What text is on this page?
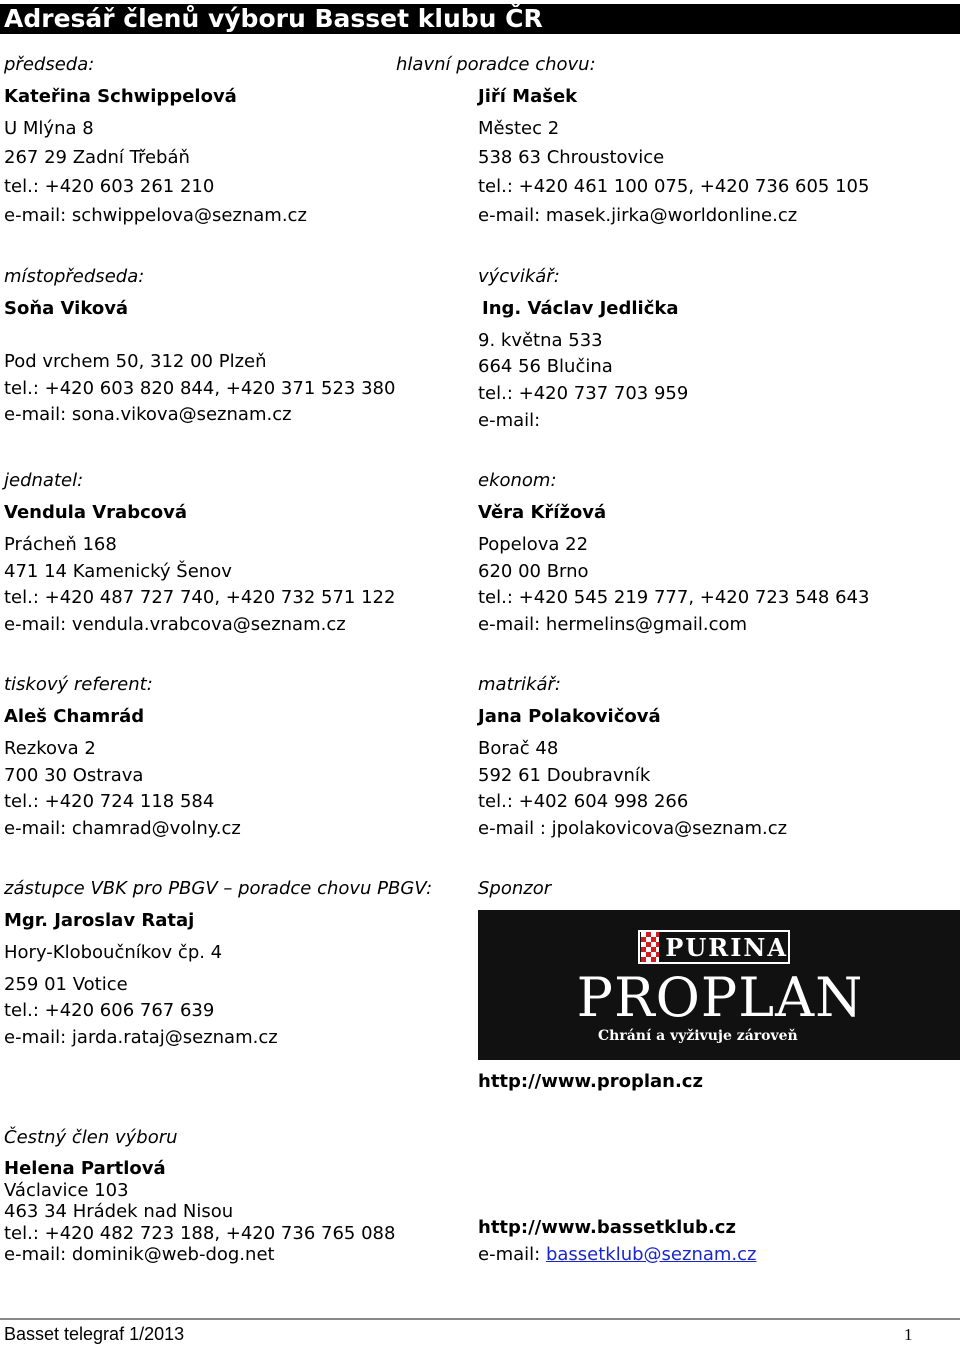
Adresář členů výboru Basset klubu ČR
předseda:
Kateřina Schwippelová
U Mlýna 8
267 29 Zadní Třebáň
tel.: +420 603 261 210
e-mail: schwippelova@seznam.cz
hlavní poradce chovu:
Jiří Mašek
Městec 2
538 63 Chroustovice
tel.: +420 461 100 075, +420 736 605 105
e-mail: masek.jirka@worldonline.cz
místopředseda:
Soňa Viková
Pod vrchem 50, 312 00 Plzeň
tel.: +420 603 820 844, +420 371 523 380
e-mail: sona.vikova@seznam.cz
výcvikář:
Ing. Václav Jedlička
9. května 533
664 56 Blučina
tel.: +420 737 703 959
e-mail:
jednatel:
Vendula Vrabcová
Prácheň 168
471 14 Kamenický Šenov
tel.: +420 487 727 740, +420 732 571 122
e-mail: vendula.vrabcova@seznam.cz
ekonom:
Věra Křížová
Popelova 22
620 00 Brno
tel.: +420 545 219 777, +420 723 548 643
e-mail: hermelins@gmail.com
tiskový referent:
Aleš Chamrád
Rezkova 2
700 30 Ostrava
tel.: +420 724 118 584
e-mail: chamrad@volny.cz
matrikář:
Jana Polakovičová
Borač 48
592 61 Doubravník
tel.: +402 604 998 266
e-mail : jpolakovicova@seznam.cz
zástupce VBK pro PBGV – poradce chovu PBGV:
Mgr. Jaroslav Rataj
Hory-Kloboučníkov čp. 4
259 01 Votice
tel.: +420 606 767 639
e-mail: jarda.rataj@seznam.cz
Sponzor
PURINA
PROPLAN
Chrání a vyživuje zároveň
http://www.proplan.cz
Čestný člen výboru
Helena Partlová
Václavice 103
463 34 Hrádek nad Nisou
tel.: +420 482 723 188, +420 736 765 088
e-mail: dominik@web-dog.net
http://www.bassetklub.cz
e-mail: bassetklub@seznam.cz
Basset telegraf 1/2013	1
